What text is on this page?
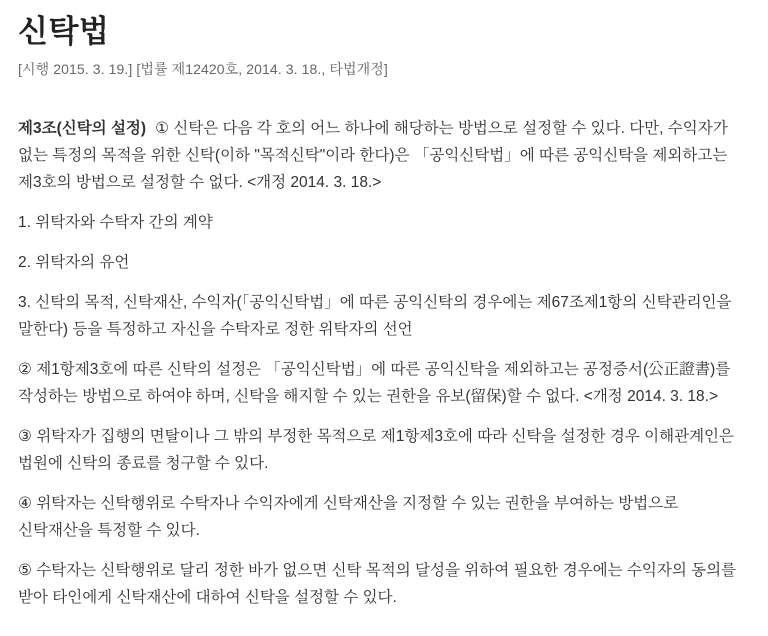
신탁법

[시행 2015. 3. 19.] [법률 제12420호, 2014. 3. 18., 타법개정]

제3조(신탁의 설정) ① 신탁은 다음 각 호의 어느 하나에 해당하는 방법으로 설정할 수 있다. 다만, 수익자가 없는 특정의 목적을 위한 신탁(이하 "목적신탁"이라 한다)은 「공익신탁법」에 따른 공익신탁을 제외하고는 제3호의 방법으로 설정할 수 없다. <개정 2014. 3. 18.>

1. 위탁자와 수탁자 간의 계약

2. 위탁자의 유언

3. 신탁의 목적, 신탁재산, 수익자(「공익신탁법」에 따른 공익신탁의 경우에는 제67조제1항의 신탁관리인을 말한다) 등을 특정하고 자신을 수탁자로 정한 위탁자의 선언

② 제1항제3호에 따른 신탁의 설정은 「공익신탁법」에 따른 공익신탁을 제외하고는 공정증서(公正證書)를 작성하는 방법으로 하여야 하며, 신탁을 해지할 수 있는 권한을 유보(留保)할 수 없다. <개정 2014. 3. 18.>

③ 위탁자가 집행의 면탈이나 그 밖의 부정한 목적으로 제1항제3호에 따라 신탁을 설정한 경우 이해관계인은 법원에 신탁의 종료를 청구할 수 있다.

④ 위탁자는 신탁행위로 수탁자나 수익자에게 신탁재산을 지정할 수 있는 권한을 부여하는 방법으로 신탁재산을 특정할 수 있다.

⑤ 수탁자는 신탁행위로 달리 정한 바가 없으면 신탁 목적의 달성을 위하여 필요한 경우에는 수익자의 동의를 받아 타인에게 신탁재산에 대하여 신탁을 설정할 수 있다.
